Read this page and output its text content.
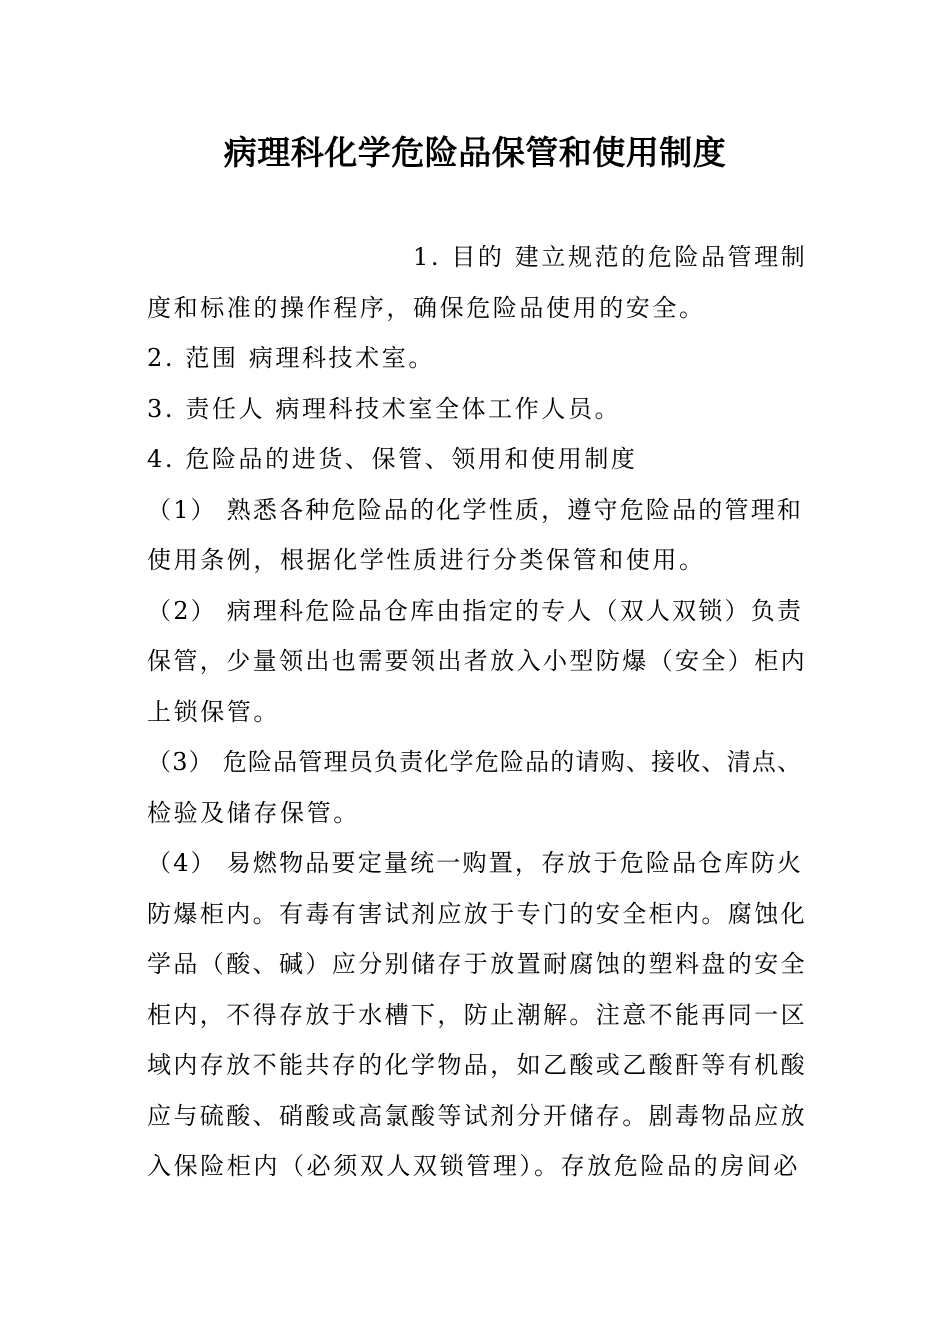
病理科化学危险品保管和使用制度
1. 目的 建立规范的危险品管理制
度和标准的操作程序，确保危险品使用的安全。
2. 范围 病理科技术室。
3. 责任人 病理科技术室全体工作人员。
4. 危险品的进货、保管、领用和使用制度
（1） 熟悉各种危险品的化学性质，遵守危险品的管理和
使用条例，根据化学性质进行分类保管和使用。
（2） 病理科危险品仓库由指定的专人（双人双锁）负责
保管，少量领出也需要领出者放入小型防爆（安全）柜内
上锁保管。
（3） 危险品管理员负责化学危险品的请购、接收、清点、
检验及储存保管。
（4） 易燃物品要定量统一购置，存放于危险品仓库防火
防爆柜内。有毒有害试剂应放于专门的安全柜内。腐蚀化
学品（酸、碱）应分别储存于放置耐腐蚀的塑料盘的安全
柜内，不得存放于水槽下，防止潮解。注意不能再同一区
域内存放不能共存的化学物品，如乙酸或乙酸酐等有机酸
应与硫酸、硝酸或高氯酸等试剂分开储存。剧毒物品应放
入保险柜内（必须双人双锁管理）。存放危险品的房间必
